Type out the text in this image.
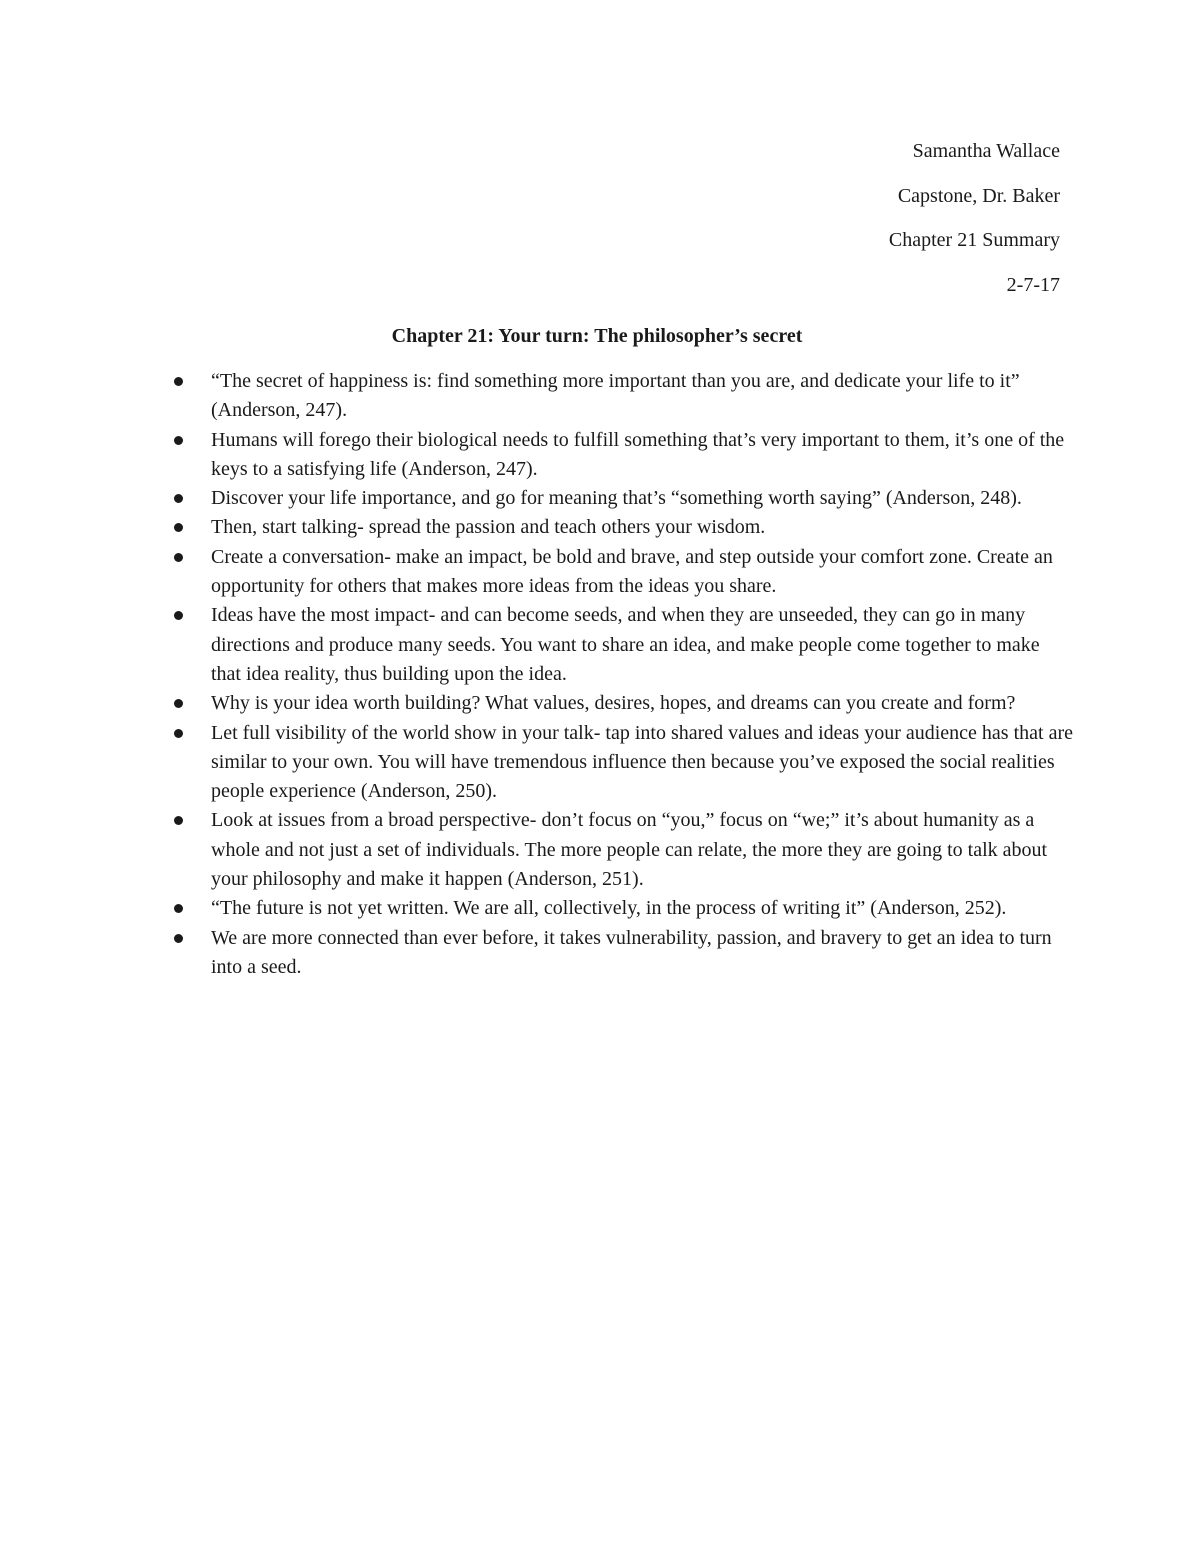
Samantha Wallace
Capstone, Dr. Baker
Chapter 21 Summary
2-7-17
Chapter 21: Your turn: The philosopher’s secret
“The secret of happiness is: find something more important than you are, and dedicate your life to it” (Anderson, 247).
Humans will forego their biological needs to fulfill something that’s very important to them, it’s one of the keys to a satisfying life (Anderson, 247).
Discover your life importance, and go for meaning that’s “something worth saying” (Anderson, 248).
Then, start talking- spread the passion and teach others your wisdom.
Create a conversation- make an impact, be bold and brave, and step outside your comfort zone. Create an opportunity for others that makes more ideas from the ideas you share.
Ideas have the most impact- and can become seeds, and when they are unseeded, they can go in many directions and produce many seeds. You want to share an idea, and make people come together to make that idea reality, thus building upon the idea.
Why is your idea worth building? What values, desires, hopes, and dreams can you create and form?
Let full visibility of the world show in your talk- tap into shared values and ideas your audience has that are similar to your own. You will have tremendous influence then because you’ve exposed the social realities people experience (Anderson, 250).
Look at issues from a broad perspective- don’t focus on “you,” focus on “we;” it’s about humanity as a whole and not just a set of individuals. The more people can relate, the more they are going to talk about your philosophy and make it happen (Anderson, 251).
“The future is not yet written. We are all, collectively, in the process of writing it” (Anderson, 252).
We are more connected than ever before, it takes vulnerability, passion, and bravery to get an idea to turn into a seed.
